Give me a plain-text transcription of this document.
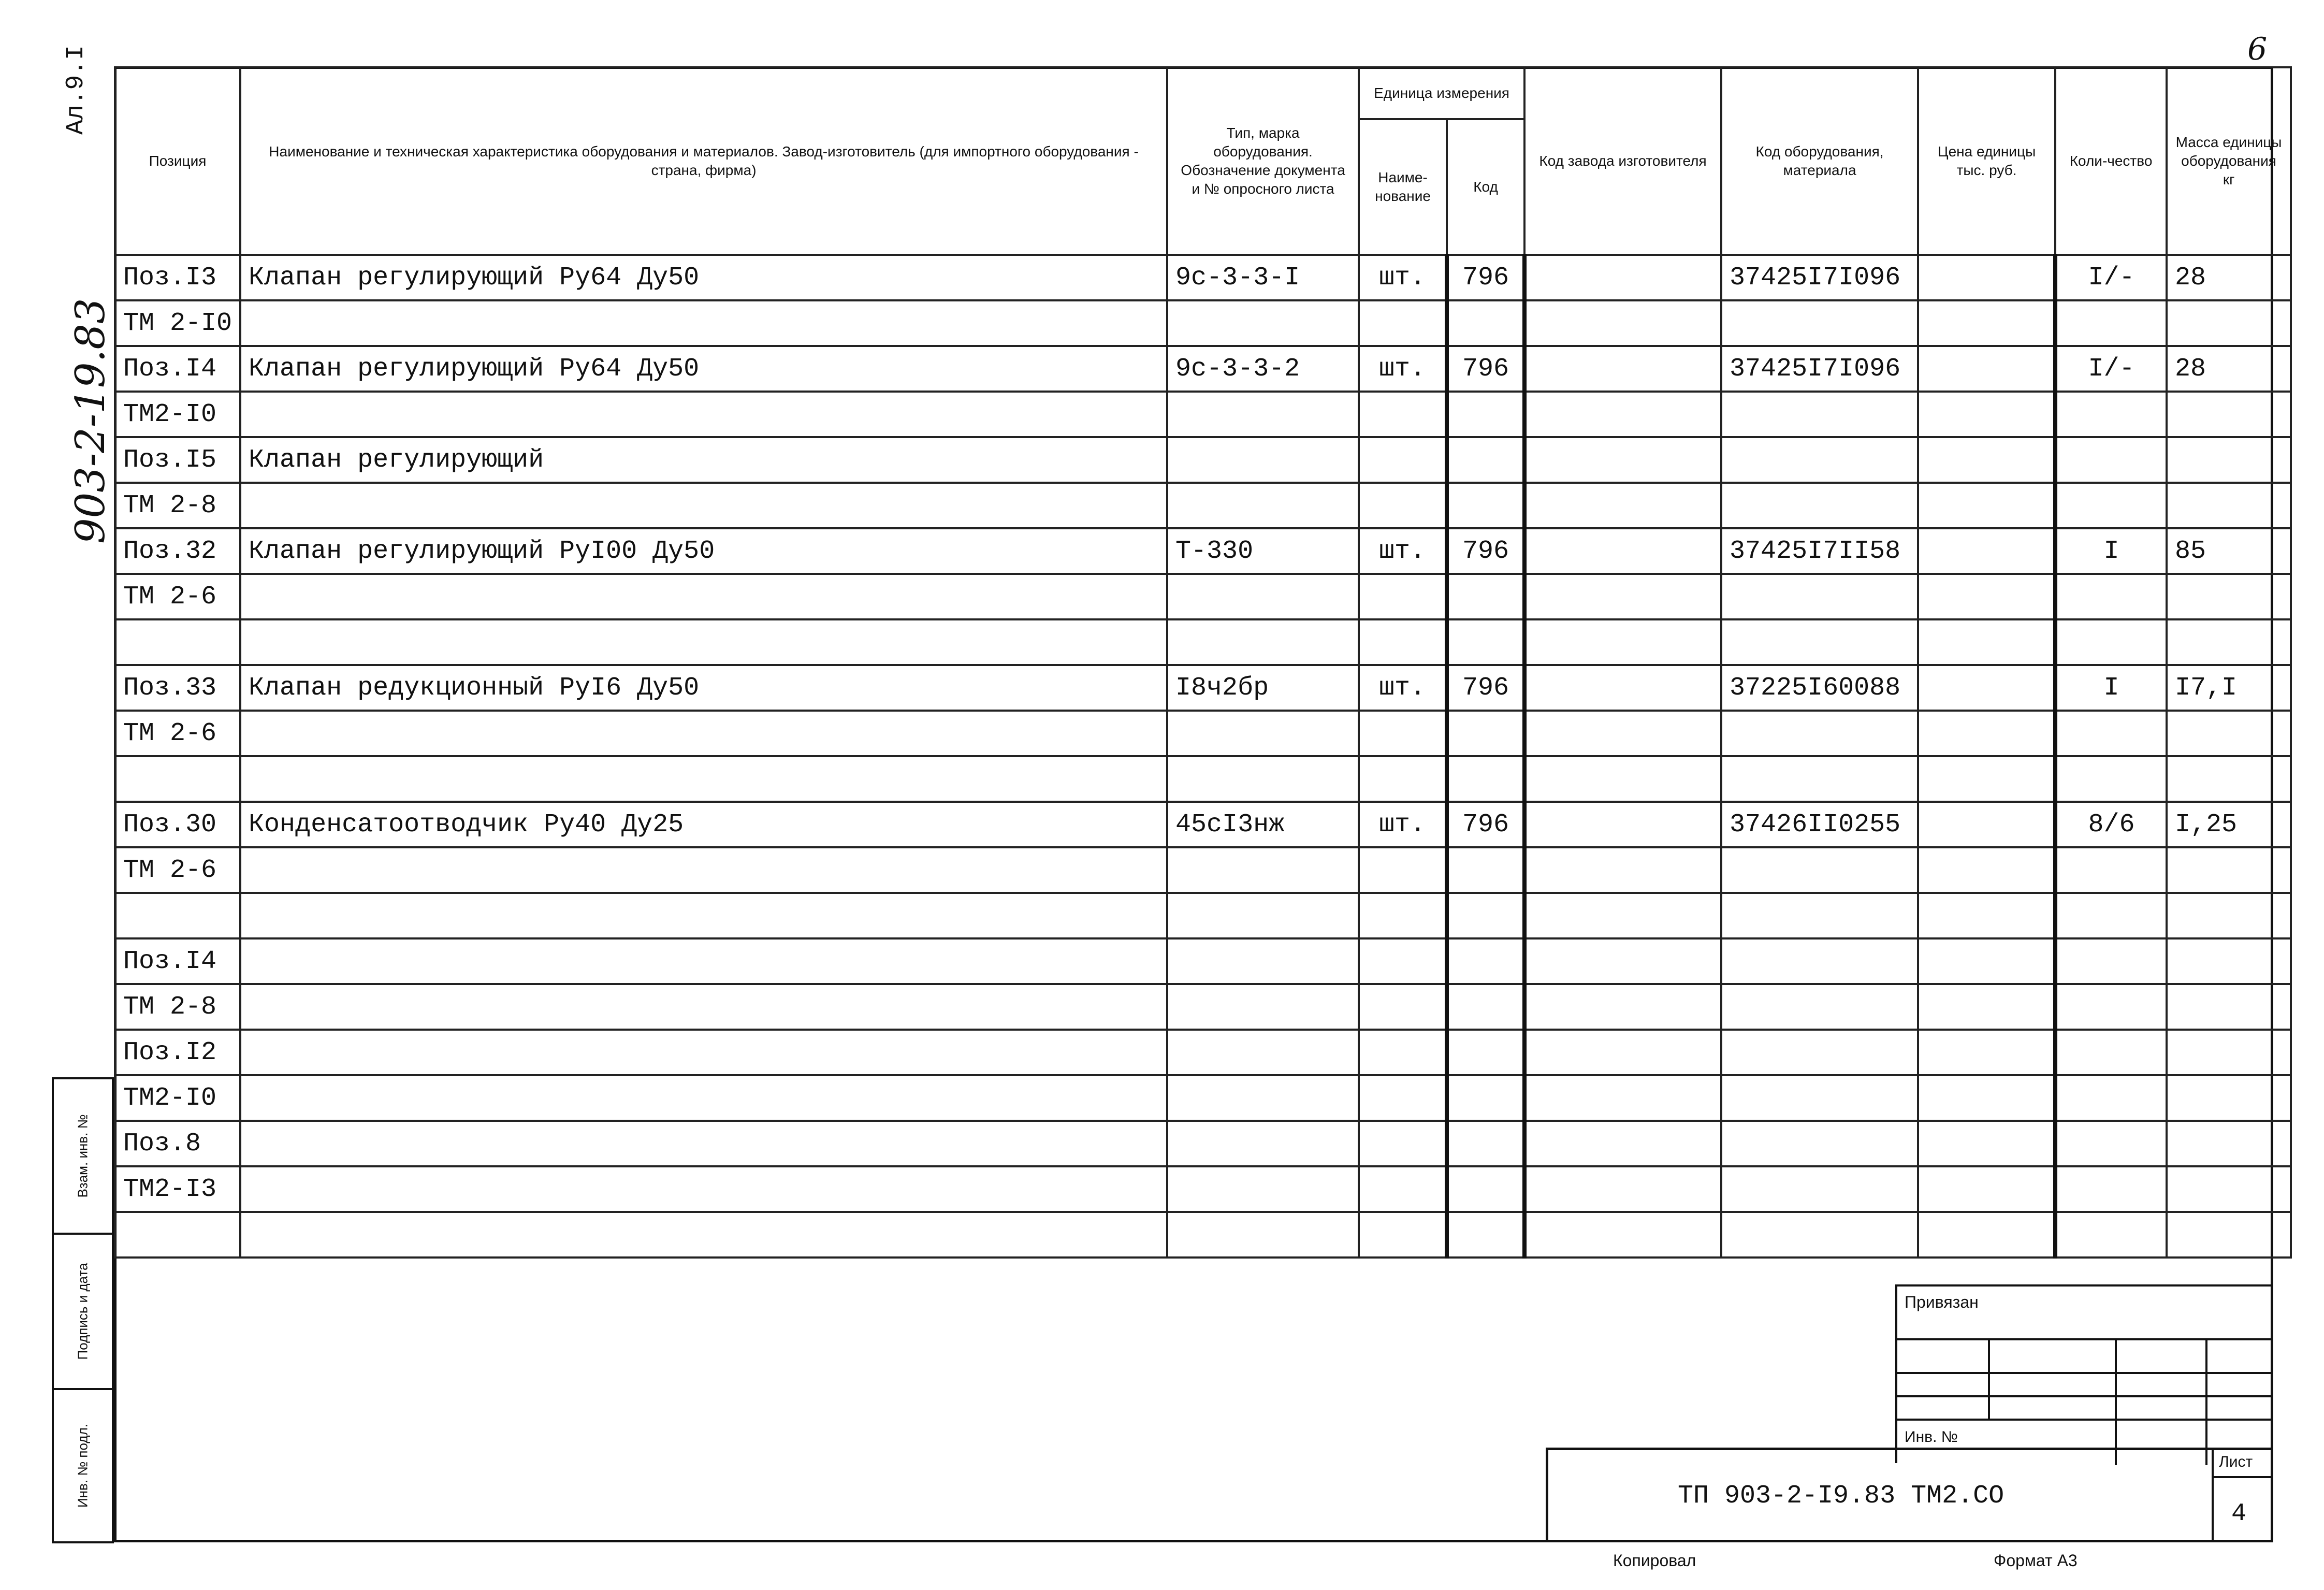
6
Ал.9.I
903-2-19.83
Взам. инв. №
Подпись и дата
Инв. № подл.
Позиция	Наименование и техническая характеристика оборудования и материалов. Завод-изготовитель (для импортного оборудования - страна, фирма)	Тип, марка оборудования. Обозначение документа и № опросного листа	Единица измерения		Код завода изготовителя	Код оборудования, материала	Цена единицы тыс. руб.	Коли-чество	Масса единицы оборудования кг
			Наиме-нование	Код					
Поз.I3	Клапан регулирующий Ру64 Ду50	9с-3-3-I	шт.	796		37425I7I096		I/-	28
ТМ 2-I0									
Поз.I4	Клапан регулирующий Ру64 Ду50	9с-3-3-2	шт.	796		37425I7I096		I/-	28
ТМ2-I0									
Поз.I5	Клапан регулирующий								
ТМ 2-8									
Поз.32	Клапан регулирующий РуI00 Ду50	Т-330	шт.	796		37425I7II58		I	85
ТМ 2-6									

Поз.33	Клапан редукционный РуI6 Ду50	I8ч2бр	шт.	796		37225I60088		I	I7,I
ТМ 2-6									

Поз.30	Конденсатоотводчик Ру40 Ду25	45сI3нж	шт.	796		37426II0255		8/6	I,25
ТМ 2-6									

Поз.I4									
ТМ 2-8									
Поз.I2									
ТМ2-I0									
Поз.8									
ТМ2-I3									

Привязан
Инв. №
ТП 903-2-I9.83 ТМ2.СО
Лист
4
Копировал	Формат А3
